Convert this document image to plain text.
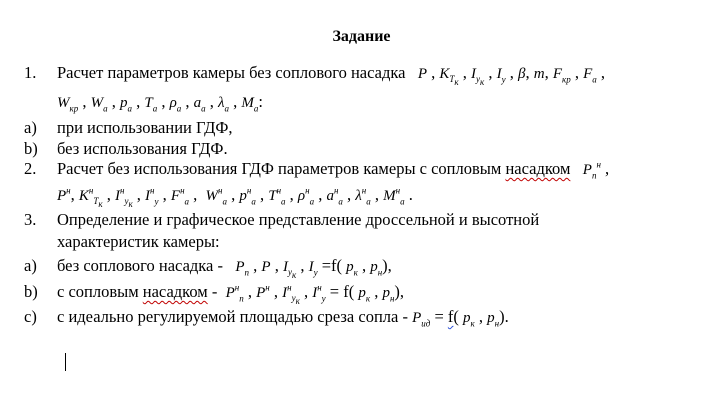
Задание
1. Расчет параметров камеры без соплового насадка P , $K_{T_к}$ , $I_{y_к}$ , $I_y$ , β, m, $F_{кр}$ , $F_a$ ,
$W_{кр}$ , $W_a$ , $p_a$ , $T_a$ , $\rho_a$ , $a_a$ , $\lambda_a$ , $M_a$:
a) при использовании ГДФ,
b) без использования ГДФ.
2. Расчет без использования ГДФ параметров камеры с сопловым насадком $P_n^н$ ,
$P^н$, $K^н_{T_к}$ , $I^н_{y_к}$ , $I^н_y$ , $F^н_a$ ,  $W^н_a$ , $p^н_a$ , $T^н_a$ , $\rho^н_a$ , $a^н_a$ , $\lambda^н_a$ , $M^н_a$ .
3. Определение и графическое представление дроссельной и высотной
характеристик камеры:
a) без соплового насадка - $P_n$ , P , $I_{y_к}$ , $I_y =f$( $p_к$ , $p_н$),
b) с сопловым насадком - $P^н_n$ , $P^н$ , $I^н_{y_к}$ , $I^н_y = f$( $p_к$ , $p_н$),
c) с идеально регулируемой площадью среза сопла - $P_{ид} = f$( $p_к$ , $p_н$).
